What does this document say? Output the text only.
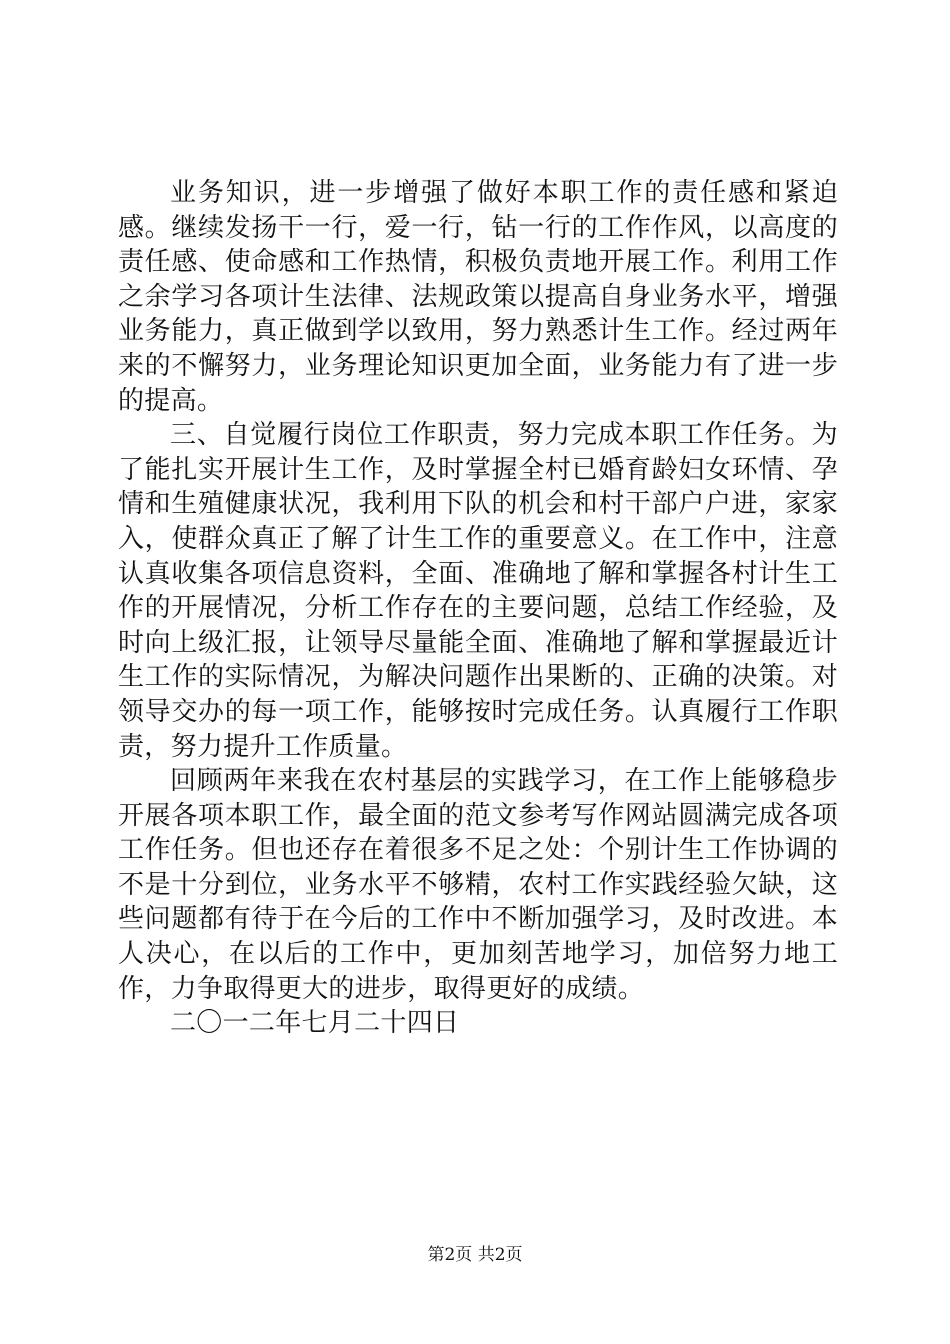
业务知识，进一步增强了做好本职工作的责任感和紧迫感。继续发扬干一行，爱一行，钻一行的工作作风，以高度的责任感、使命感和工作热情，积极负责地开展工作。利用工作之余学习各项计生法律、法规政策以提高自身业务水平，增强业务能力，真正做到学以致用，努力熟悉计生工作。经过两年来的不懈努力，业务理论知识更加全面，业务能力有了进一步的提高。

三、自觉履行岗位工作职责，努力完成本职工作任务。为了能扎实开展计生工作，及时掌握全村已婚育龄妇女环情、孕情和生殖健康状况，我利用下队的机会和村干部户户进，家家入，使群众真正了解了计生工作的重要意义。在工作中，注意认真收集各项信息资料，全面、准确地了解和掌握各村计生工作的开展情况，分析工作存在的主要问题，总结工作经验，及时向上级汇报，让领导尽量能全面、准确地了解和掌握最近计生工作的实际情况，为解决问题作出果断的、正确的决策。对领导交办的每一项工作，能够按时完成任务。认真履行工作职责，努力提升工作质量。

回顾两年来我在农村基层的实践学习，在工作上能够稳步开展各项本职工作，最全面的范文参考写作网站圆满完成各项工作任务。但也还存在着很多不足之处：个别计生工作协调的不是十分到位，业务水平不够精，农村工作实践经验欠缺，这些问题都有待于在今后的工作中不断加强学习，及时改进。本人决心，在以后的工作中，更加刻苦地学习，加倍努力地工作，力争取得更大的进步，取得更好的成绩。

二〇一二年七月二十四日

第2页 共2页
